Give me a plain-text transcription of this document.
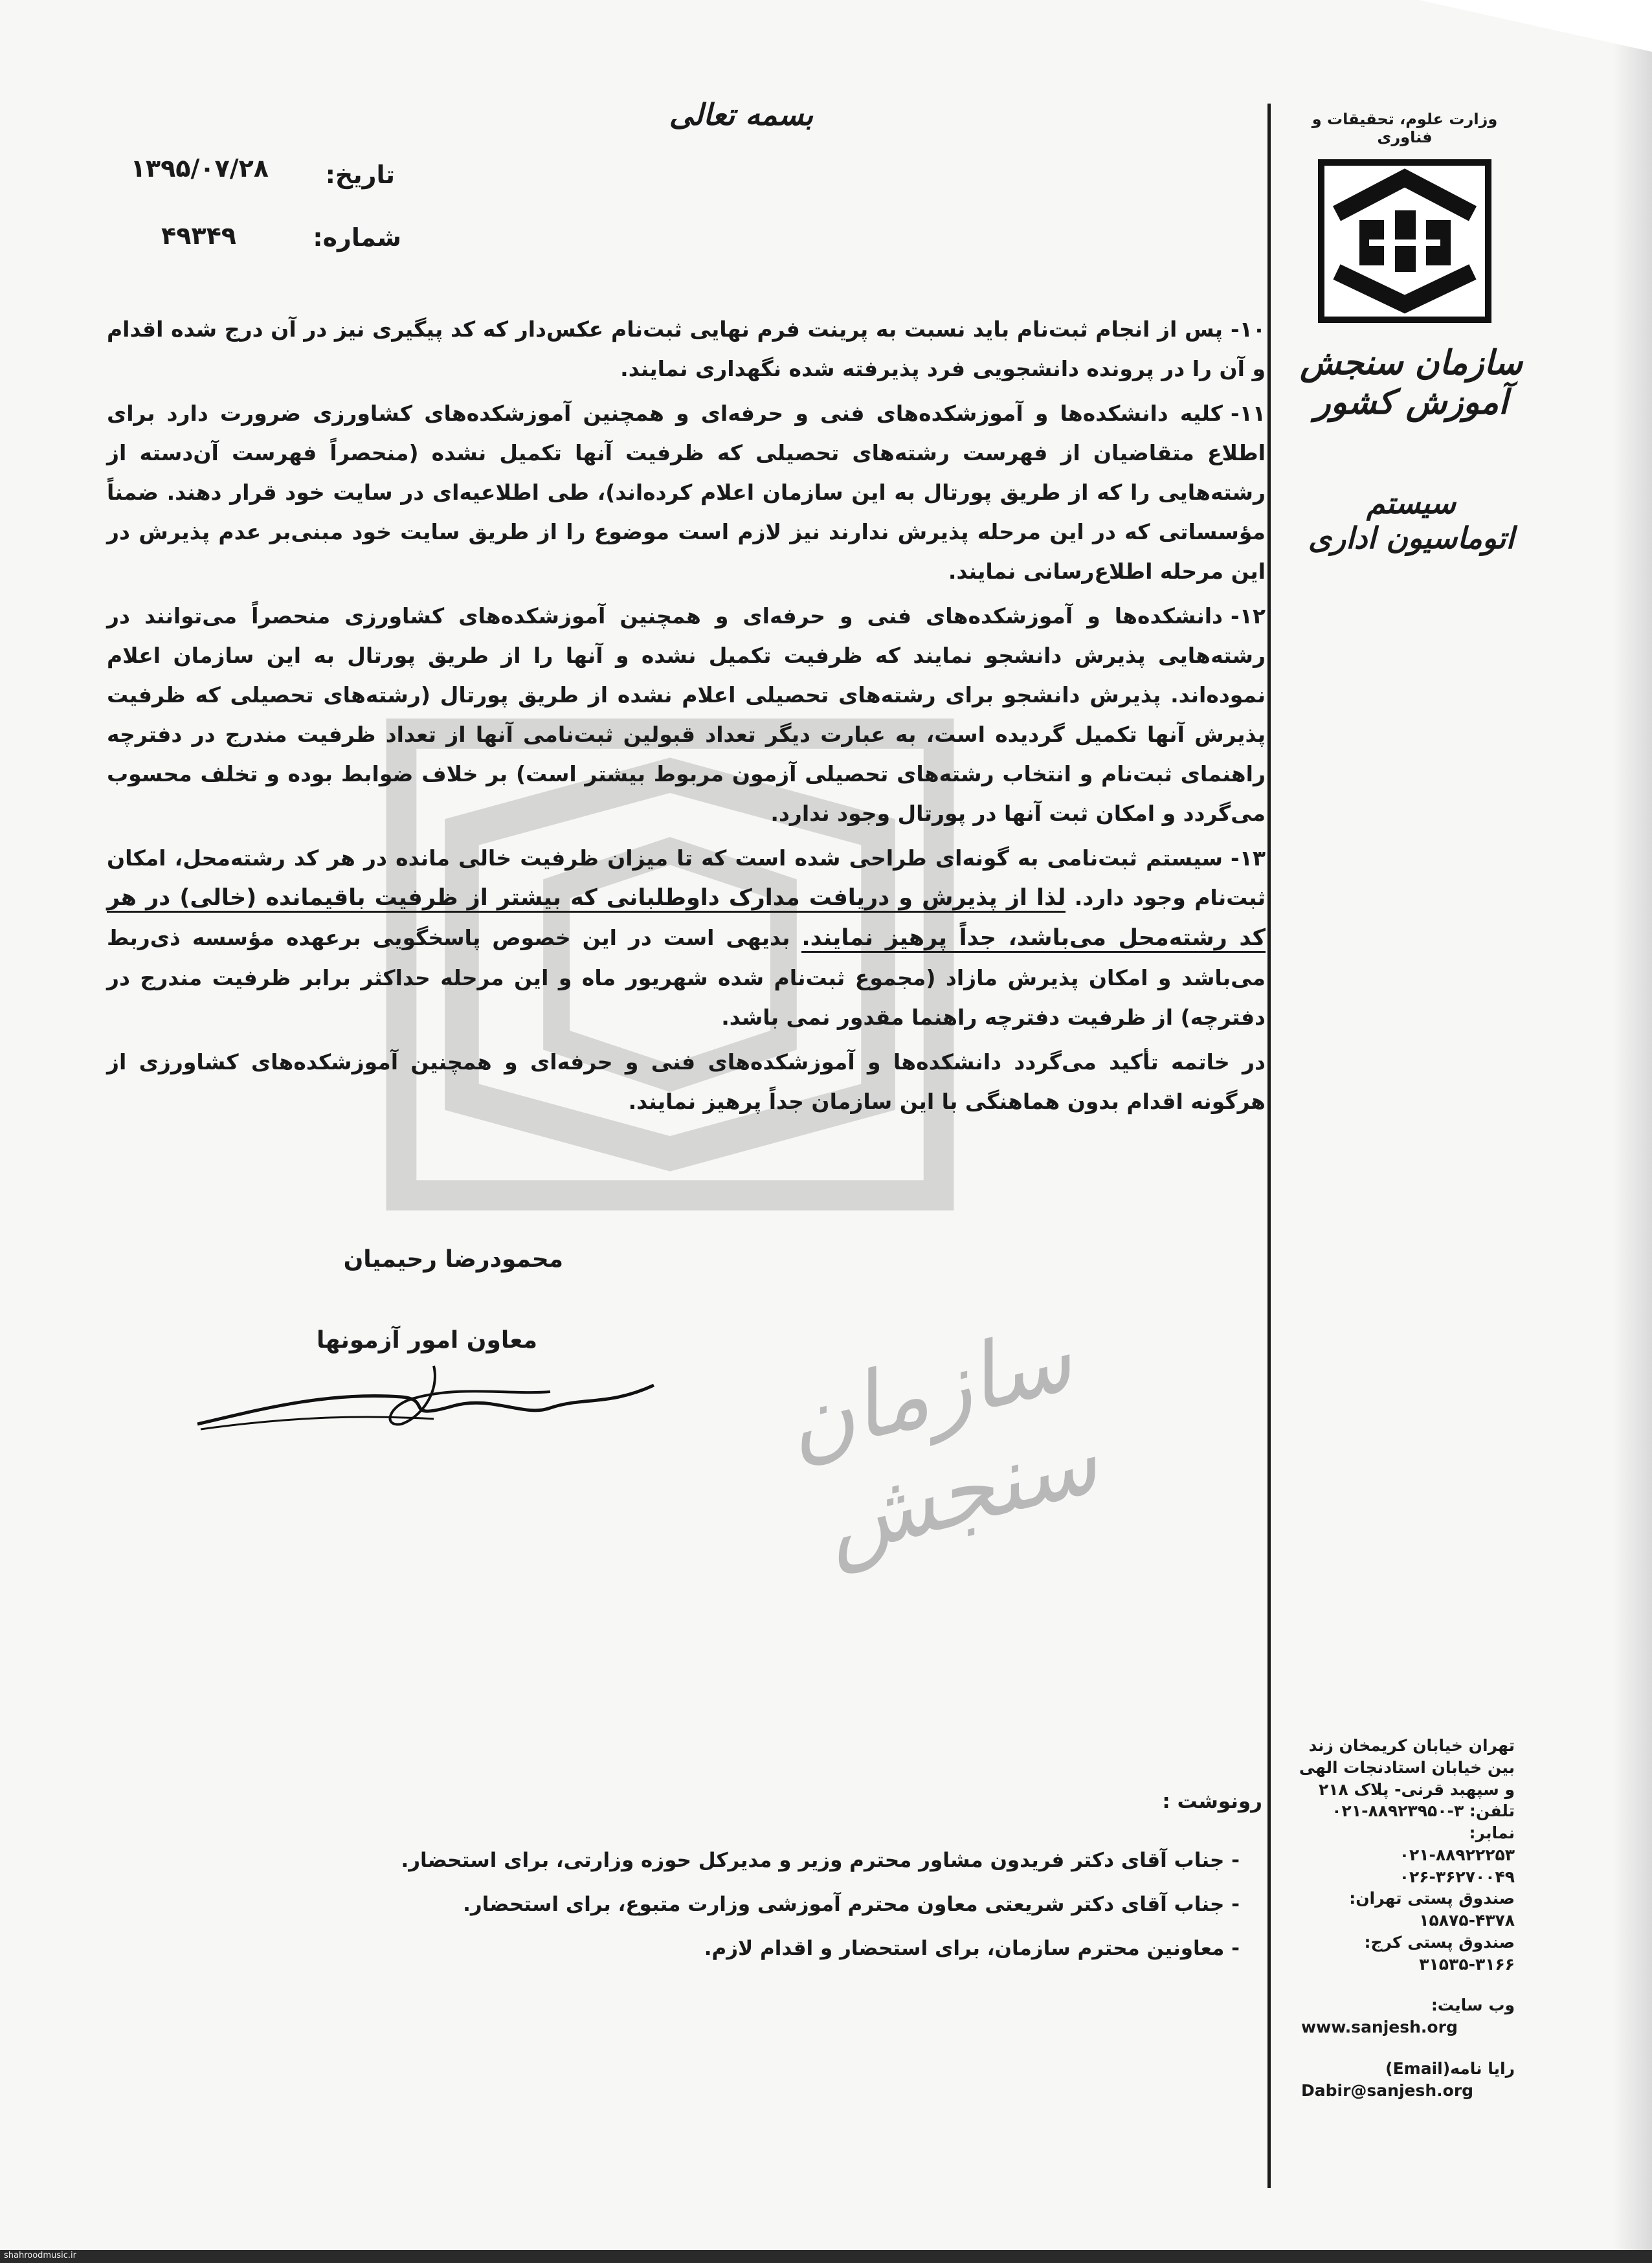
سازمان سنجش
وزارت علوم، تحقیقات و فناوری
سازمان سنجش آموزش کشور
سیستم اتوماسیون اداری
تهران خیابان کریمخان زند
بین خیابان استادنجات الهی
و سپهبد قرنی- پلاک ۲۱۸
تلفن: ۳-۸۸۹۲۳۹۵۰-۰۲۱
نمابر:
۰۲۱-۸۸۹۲۲۲۵۳
۰۲۶-۳۶۲۷۰۰۴۹
صندوق پستی تهران:
۱۵۸۷۵-۴۳۷۸
صندوق پستی کرج:
۳۱۵۳۵-۳۱۶۶
وب سایت:
www.sanjesh.org
رایا نامه(Email)
Dabir@sanjesh.org
بسمه تعالی
تاریخ:
۱۳۹۵/۰۷/۲۸
شماره:
۴۹۳۴۹

۱۰-پس از انجام ثبت‌نام باید نسبت به پرینت فرم نهایی ثبت‌نام عکس‌دار که کد پیگیری نیز در آن درج شده اقدام و آن را در پرونده دانشجویی فرد پذیرفته شده نگهداری نمایند.

۱۱-کلیه دانشکده‌ها و آموزشکده‌های فنی و حرفه‌ای و همچنین آموزشکده‌های کشاورزی ضرورت دارد برای اطلاع متقاضیان از فهرست رشته‌های تحصیلی که ظرفیت آنها تکمیل نشده (منحصراً فهرست آن‌دسته از رشته‌هایی را که از طریق پورتال به این سازمان اعلام کرده‌اند)، طی اطلاعیه‌ای در سایت خود قرار دهند. ضمناً مؤسساتی که در این مرحله پذیرش ندارند نیز لازم است موضوع را از طریق سایت خود مبنی‌بر عدم پذیرش در این مرحله اطلاع‌رسانی نمایند.

۱۲-دانشکده‌ها و آموزشکده‌های فنی و حرفه‌ای و همچنین آموزشکده‌های کشاورزی منحصراً می‌توانند در رشته‌هایی پذیرش دانشجو نمایند که ظرفیت تکمیل نشده و آنها را از طریق پورتال به این سازمان اعلام نموده‌اند. پذیرش دانشجو برای رشته‌های تحصیلی اعلام نشده از طریق پورتال (رشته‌های تحصیلی که ظرفیت پذیرش آنها تکمیل گردیده است، به عبارت دیگر تعداد قبولین ثبت‌نامی آنها از تعداد ظرفیت مندرج در دفترچه راهنمای ثبت‌نام و انتخاب رشته‌های تحصیلی آزمون مربوط بیشتر است) بر خلاف ضوابط بوده و تخلف محسوب می‌گردد و امکان ثبت آنها در پورتال وجود ندارد.

۱۳-سیستم ثبت‌نامی به گونه‌ای طراحی شده است که تا میزان ظرفیت خالی مانده در هر کد رشته‌محل، امکان ثبت‌نام وجود دارد. لذا از پذیرش و دریافت مدارک داوطلبانی که بیشتر از ظرفیت باقیمانده (خالی) در هر کد رشته‌محل می‌باشد، جداً پرهیز نمایند. بدیهی است در این خصوص پاسخگویی برعهده مؤسسه ذی‌ربط می‌باشد و امکان پذیرش مازاد (مجموع ثبت‌نام شده شهریور ماه و این مرحله حداکثر برابر ظرفیت مندرج در دفترچه) از ظرفیت دفترچه راهنما مقدور نمی باشد.

در خاتمه تأکید می‌گردد دانشکده‌ها و آموزشکده‌های فنی و حرفه‌ای و همچنین آموزشکده‌های کشاورزی از هرگونه اقدام بدون هماهنگی با این سازمان جداً پرهیز نمایند.

محمودرضا رحیمیان
معاون امور آزمونها
رونوشت :
- جناب آقای دکتر فریدون مشاور محترم وزیر و مدیرکل حوزه وزارتی، برای استحضار.
- جناب آقای دکتر شریعتی معاون محترم آموزشی وزارت متبوع، برای استحضار.
- معاونین محترم سازمان، برای استحضار و اقدام لازم.
shahroodmusic.ir
